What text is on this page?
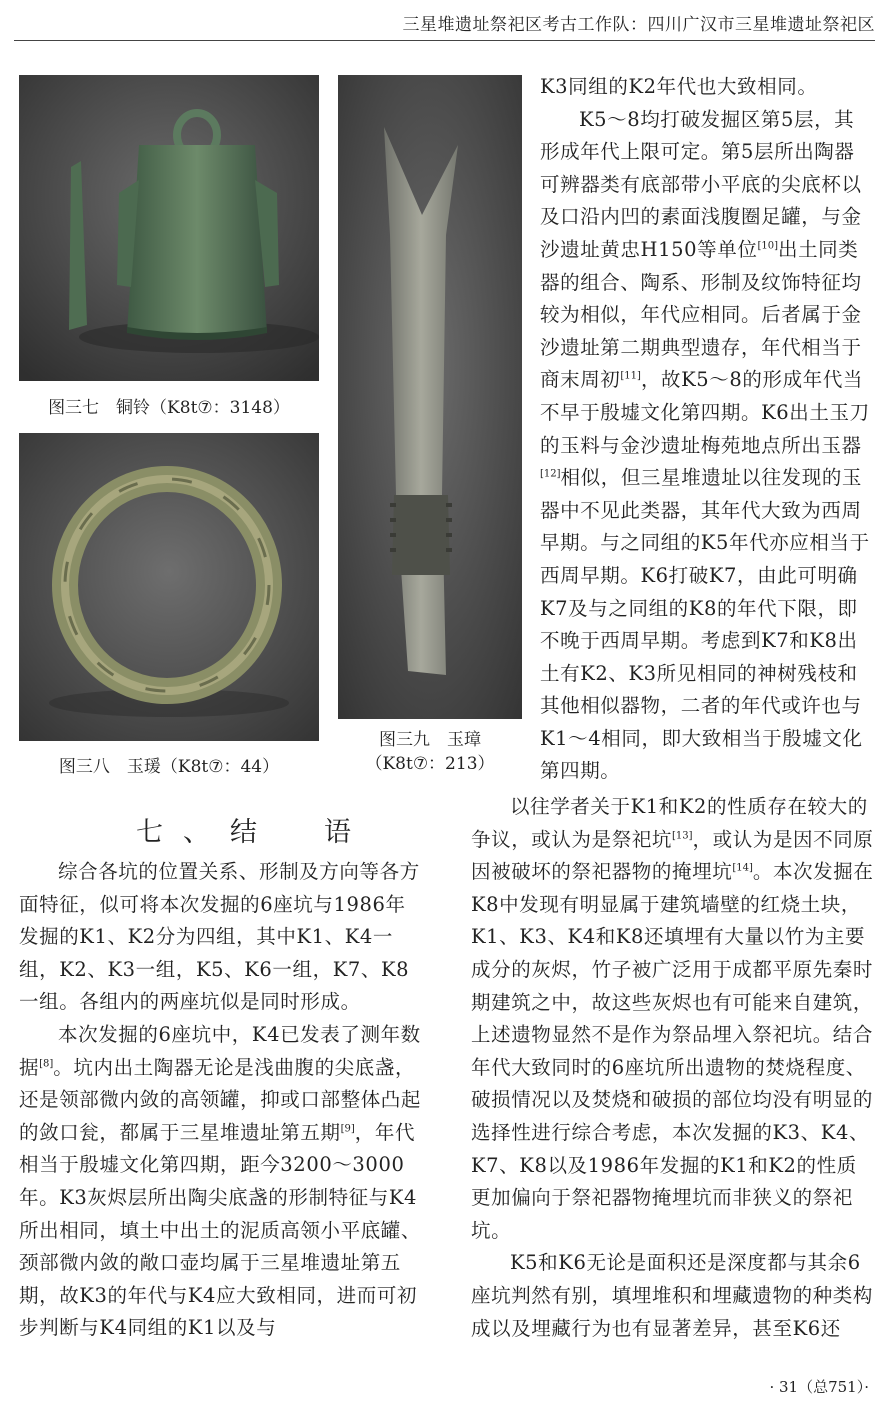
三星堆遗址祭祀区考古工作队：四川广汉市三星堆遗址祭祀区
图三七　铜铃（K8t⑦：3148）
图三八　玉瑗（K8t⑦：44）
图三九　玉璋
（K8t⑦：213）

K3同组的K2年代也大致相同。

K5～8均打破发掘区第5层，其形成年代上限可定。第5层所出陶器可辨器类有底部带小平底的尖底杯以及口沿内凹的素面浅腹圈足罐，与金沙遗址黄忠H150等单位[10]出土同类器的组合、陶系、形制及纹饰特征均较为相似，年代应相同。后者属于金沙遗址第二期典型遗存，年代相当于商末周初[11]，故K5～8的形成年代当不早于殷墟文化第四期。K6出土玉刀的玉料与金沙遗址梅苑地点所出玉器[12]相似，但三星堆遗址以往发现的玉器中不见此类器，其年代大致为西周早期。与之同组的K5年代亦应相当于西周早期。K6打破K7，由此可明确K7及与之同组的K8的年代下限，即不晚于西周早期。考虑到K7和K8出土有K2、K3所见相同的神树残枝和其他相似器物，二者的年代或许也与K1～4相同，即大致相当于殷墟文化第四期。

七、结　语

综合各坑的位置关系、形制及方向等各方面特征，似可将本次发掘的6座坑与1986年发掘的K1、K2分为四组，其中K1、K4一组，K2、K3一组，K5、K6一组，K7、K8一组。各组内的两座坑似是同时形成。

本次发掘的6座坑中，K4已发表了测年数据[8]。坑内出土陶器无论是浅曲腹的尖底盏，还是领部微内敛的高领罐，抑或口部整体凸起的敛口瓮，都属于三星堆遗址第五期[9]，年代相当于殷墟文化第四期，距今3200～3000年。K3灰烬层所出陶尖底盏的形制特征与K4所出相同，填土中出土的泥质高领小平底罐、颈部微内敛的敞口壶均属于三星堆遗址第五期，故K3的年代与K4应大致相同，进而可初步判断与K4同组的K1以及与

以往学者关于K1和K2的性质存在较大的争议，或认为是祭祀坑[13]，或认为是因不同原因被破坏的祭祀器物的掩埋坑[14]。本次发掘在K8中发现有明显属于建筑墙壁的红烧土块，K1、K3、K4和K8还填埋有大量以竹为主要成分的灰烬，竹子被广泛用于成都平原先秦时期建筑之中，故这些灰烬也有可能来自建筑，上述遗物显然不是作为祭品埋入祭祀坑。结合年代大致同时的6座坑所出遗物的焚烧程度、破损情况以及焚烧和破损的部位均没有明显的选择性进行综合考虑，本次发掘的K3、K4、K7、K8以及1986年发掘的K1和K2的性质更加偏向于祭祀器物掩埋坑而非狭义的祭祀坑。

K5和K6无论是面积还是深度都与其余6座坑判然有别，填埋堆积和埋藏遗物的种类构成以及埋藏行为也有显著差异，甚至K6还

· 31（总751）·
